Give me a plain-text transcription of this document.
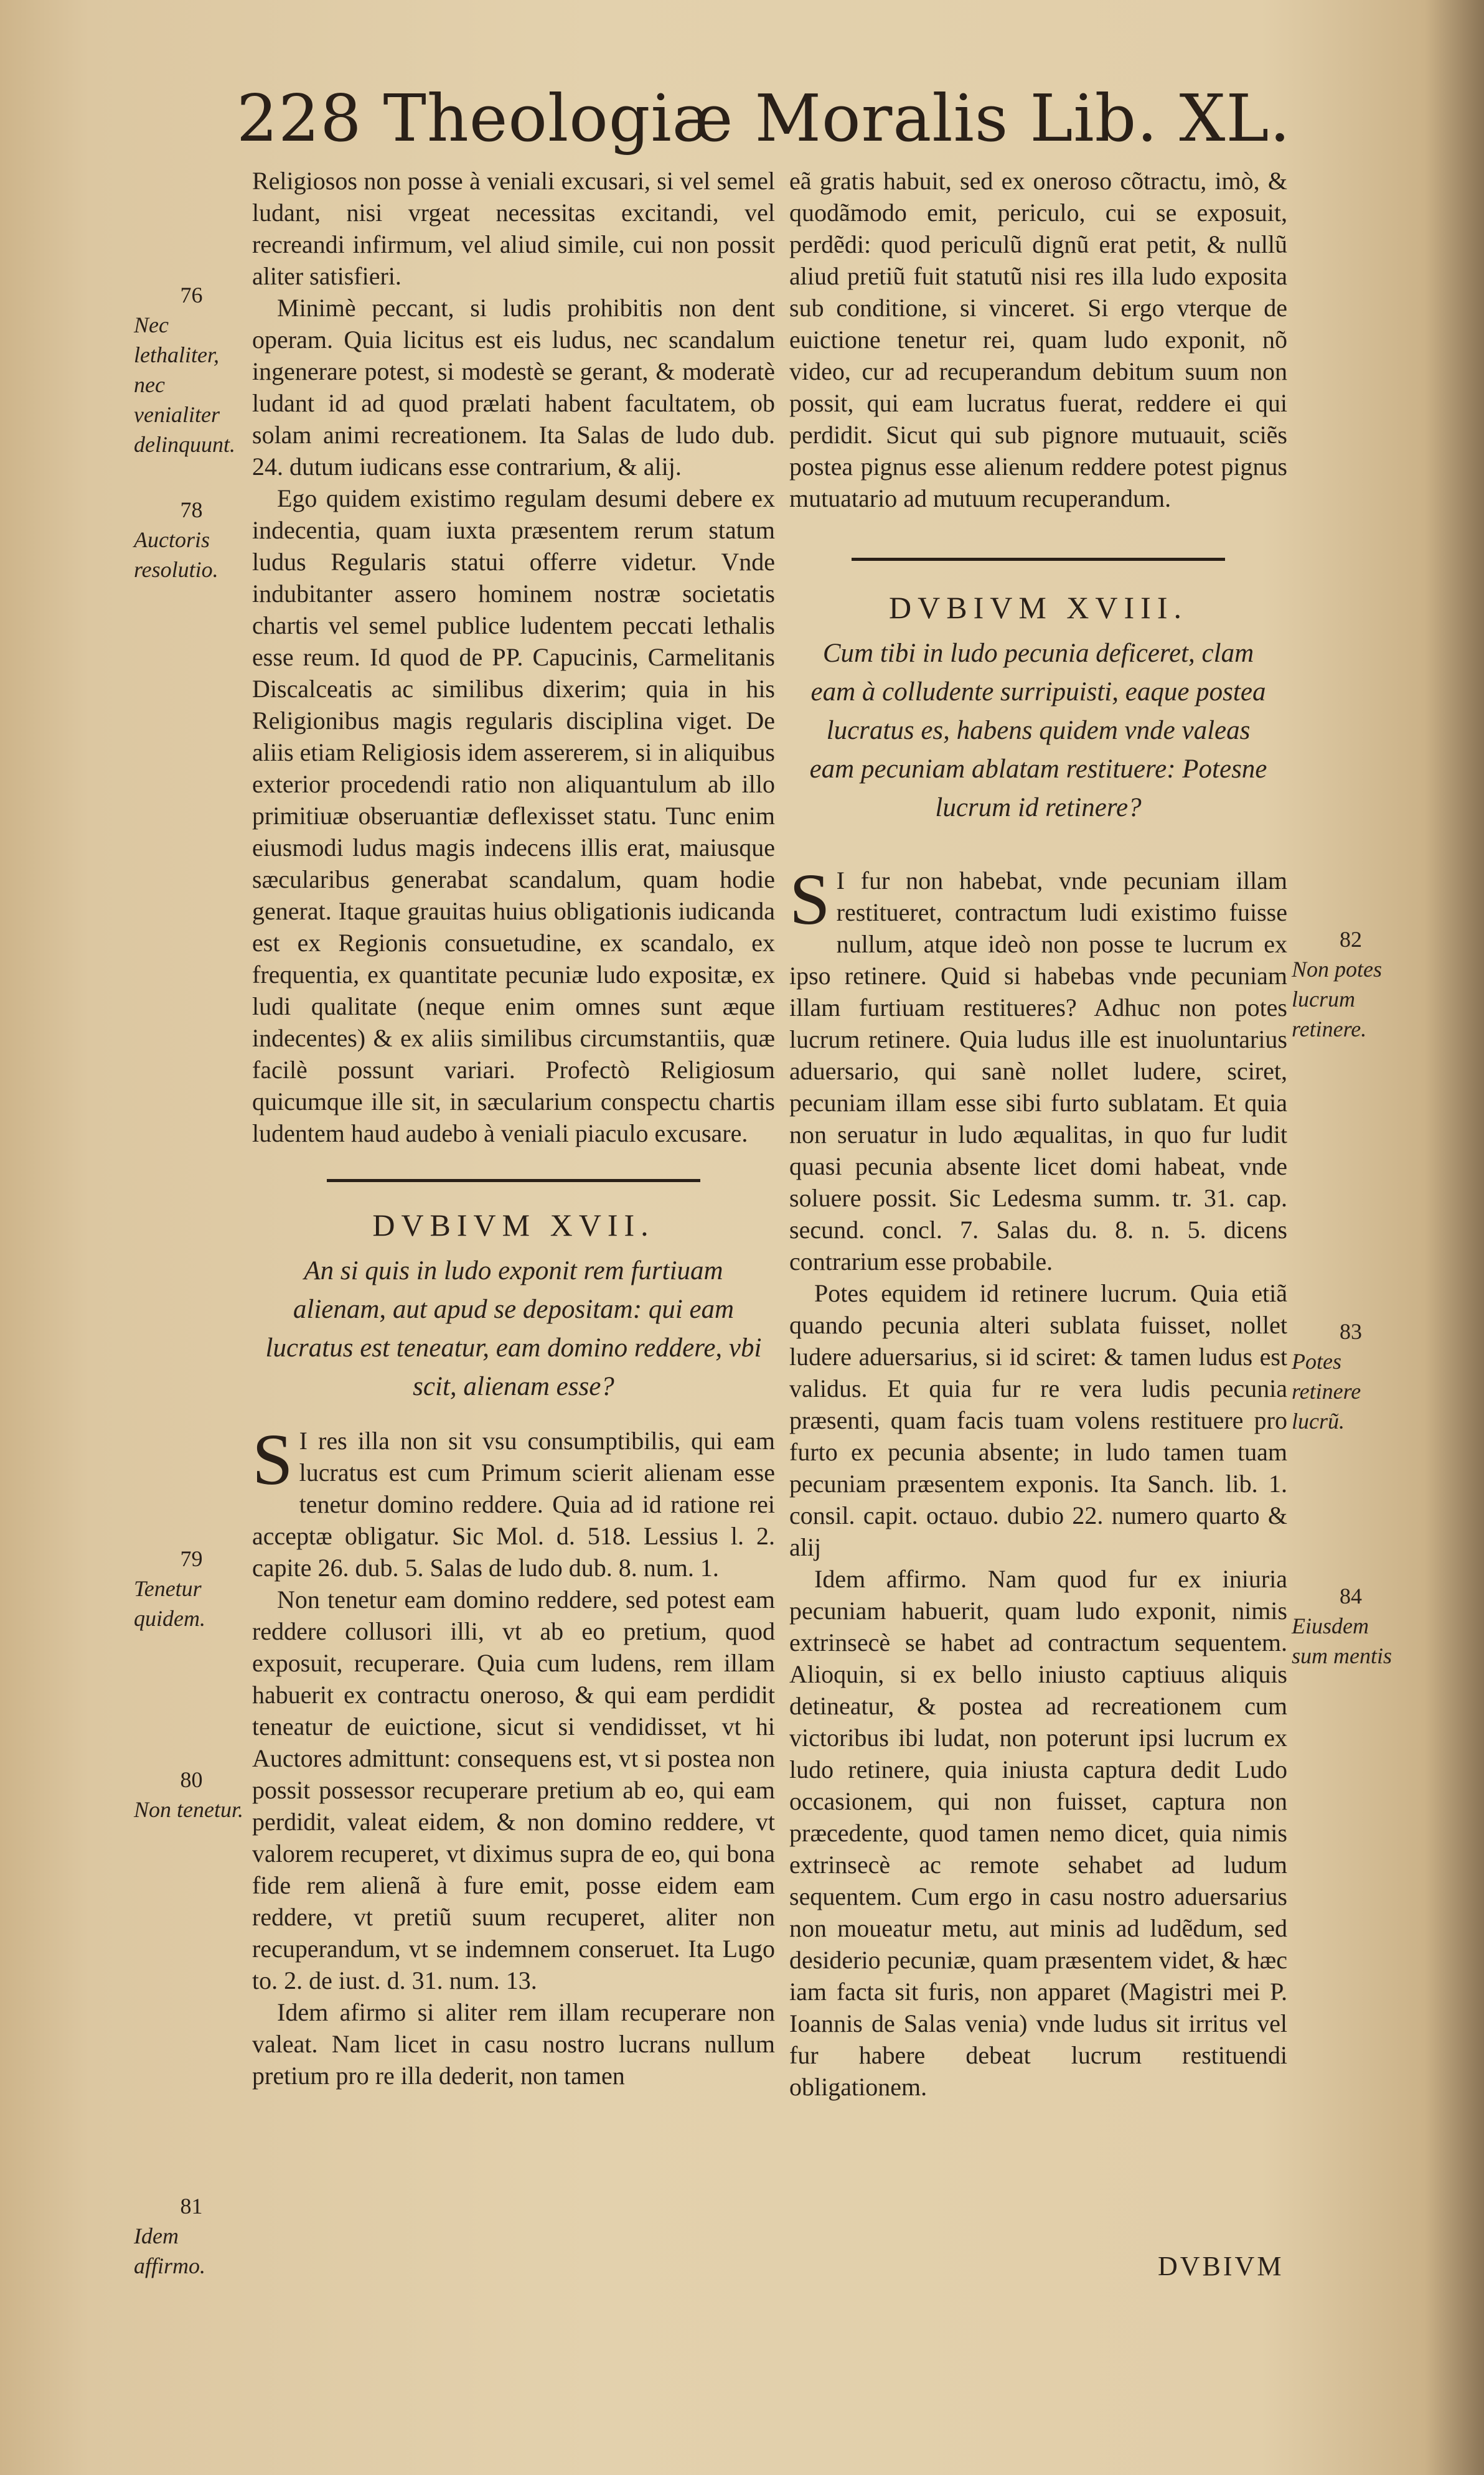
228 Theologiæ Moralis Lib. XL.

Religiosos non posse à veniali excusari, si vel semel ludant, nisi vrgeat necessitas excitandi, vel recreandi infirmum, vel aliud simile, cui non possit aliter satisfieri.

Minimè peccant, si ludis prohibitis non dent operam. Quia licitus est eis ludus, nec scandalum ingenerare potest, si modestè se gerant, & moderatè ludant id ad quod prælati habent facultatem, ob solam animi recreationem. Ita Salas de ludo dub. 24. dutum iudicans esse contrarium, & alij.

Ego quidem existimo regulam desumi debere ex indecentia, quam iuxta præsentem rerum statum ludus Regularis statui offerre videtur. Vnde indubitanter assero hominem nostræ societatis chartis vel semel publice ludentem peccati lethalis esse reum. Id quod de PP. Capucinis, Carmelitanis Discalceatis ac similibus dixerim; quia in his Religionibus magis regularis disciplina viget. De aliis etiam Religiosis idem assererem, si in aliquibus exterior procedendi ratio non aliquantulum ab illo primitiuæ obseruantiæ deflexisset statu. Tunc enim eiusmodi ludus magis indecens illis erat, maiusque sæcularibus generabat scandalum, quam hodie generat. Itaque grauitas huius obligationis iudicanda est ex Regionis consuetudine, ex scandalo, ex frequentia, ex quantitate pecuniæ ludo expositæ, ex ludi qualitate (neque enim omnes sunt æque indecentes) & ex aliis similibus circumstantiis, quæ facilè possunt variari. Profectò Religiosum quicumque ille sit, in sæcularium conspectu chartis ludentem haud audebo à veniali piaculo excusare.

DVBIVM XVII.

An si quis in ludo exponit rem furtiuam alienam, aut apud se depositam: qui eam lucratus est teneatur, eam domino reddere, vbi scit, alienam esse?

S I res illa non sit vsu consumptibilis, qui eam lucratus est cum Primum scierit alienam esse tenetur domino reddere. Quia ad id ratione rei acceptæ obligatur. Sic Mol. d. 518. Lessius l. 2. capite 26. dub. 5. Salas de ludo dub. 8. num. 1.

Non tenetur eam domino reddere, sed potest eam reddere collusori illi, vt ab eo pretium, quod exposuit, recuperare. Quia cum ludens, rem illam habuerit ex contractu oneroso, & qui eam perdidit teneatur de euictione, sicut si vendidisset, vt hi Auctores admittunt: consequens est, vt si postea non possit possessor recuperare pretium ab eo, qui eam perdidit, valeat eidem, & non domino reddere, vt valorem recuperet, vt diximus supra de eo, qui bona fide rem alienã à fure emit, posse eidem eam reddere, vt pretiũ suum recuperet, aliter non recuperandum, vt se indemnem conseruet. Ita Lugo to. 2. de iust. d. 31. num. 13.

Idem afirmo si aliter rem illam recuperare non valeat. Nam licet in casu nostro lucrans nullum pretium pro re illa dederit, non tamen

eã gratis habuit, sed ex oneroso cõtractu, imò, & quodãmodo emit, periculo, cui se exposuit, perdẽdi: quod periculũ dignũ erat petit, & nullũ aliud pretiũ fuit statutũ nisi res illa ludo exposita sub conditione, si vinceret. Si ergo vterque de euictione tenetur rei, quam ludo exponit, nõ video, cur ad recuperandum debitum suum non possit, qui eam lucratus fuerat, reddere ei qui perdidit. Sicut qui sub pignore mutuauit, sciẽs postea pignus esse alienum reddere potest pignus mutuatario ad mutuum recuperandum.

DVBIVM XVIII.

Cum tibi in ludo pecunia deficeret, clam eam à colludente surripuisti, eaque postea lucratus es, habens quidem vnde valeas eam pecuniam ablatam restituere: Potesne lucrum id retinere?

S I fur non habebat, vnde pecuniam illam restitueret, contractum ludi existimo fuisse nullum, atque ideò non posse te lucrum ex ipso retinere. Quid si habebas vnde pecuniam illam furtiuam restitueres? Adhuc non potes lucrum retinere. Quia ludus ille est inuoluntarius aduersario, qui sanè nollet ludere, sciret, pecuniam illam esse sibi furto sublatam. Et quia non seruatur in ludo æqualitas, in quo fur ludit quasi pecunia absente licet domi habeat, vnde soluere possit. Sic Ledesma summ. tr. 31. cap. secund. concl. 7. Salas du. 8. n. 5. dicens contrarium esse probabile.

Potes equidem id retinere lucrum. Quia etiã quando pecunia alteri sublata fuisset, nollet ludere aduersarius, si id sciret: & tamen ludus est validus. Et quia fur re vera ludis pecunia præsenti, quam facis tuam volens restituere pro furto ex pecunia absente; in ludo tamen tuam pecuniam præsentem exponis. Ita Sanch. lib. 1. consil. capit. octauo. dubio 22. numero quarto & alij

Idem affirmo. Nam quod fur ex iniuria pecuniam habuerit, quam ludo exponit, nimis extrinsecè se habet ad contractum sequentem. Alioquin, si ex bello iniusto captiuus aliquis detineatur, & postea ad recreationem cum victoribus ibi ludat, non poterunt ipsi lucrum ex ludo retinere, quia iniusta captura dedit Ludo occasionem, qui non fuisset, captura non præcedente, quod tamen nemo dicet, quia nimis extrinsecè ac remote sehabet ad ludum sequentem. Cum ergo in casu nostro aduersarius non moueatur metu, aut minis ad ludẽdum, sed desiderio pecuniæ, quam præsentem videt, & hæc iam facta sit furis, non apparet (Magistri mei P. Ioannis de Salas venia) vnde ludus sit irritus vel fur habere debeat lucrum restituendi obligationem.

76
Nec lethaliter, nec venialiter delinquunt.
78
Auctoris resolutio.
79
Tenetur quidem.
80
Non tenetur.
81
Idem affirmo.
82
Non potes lucrum retinere.
83
Potes retinere lucrũ.
84
Eiusdem sum mentis
DVBIVM
